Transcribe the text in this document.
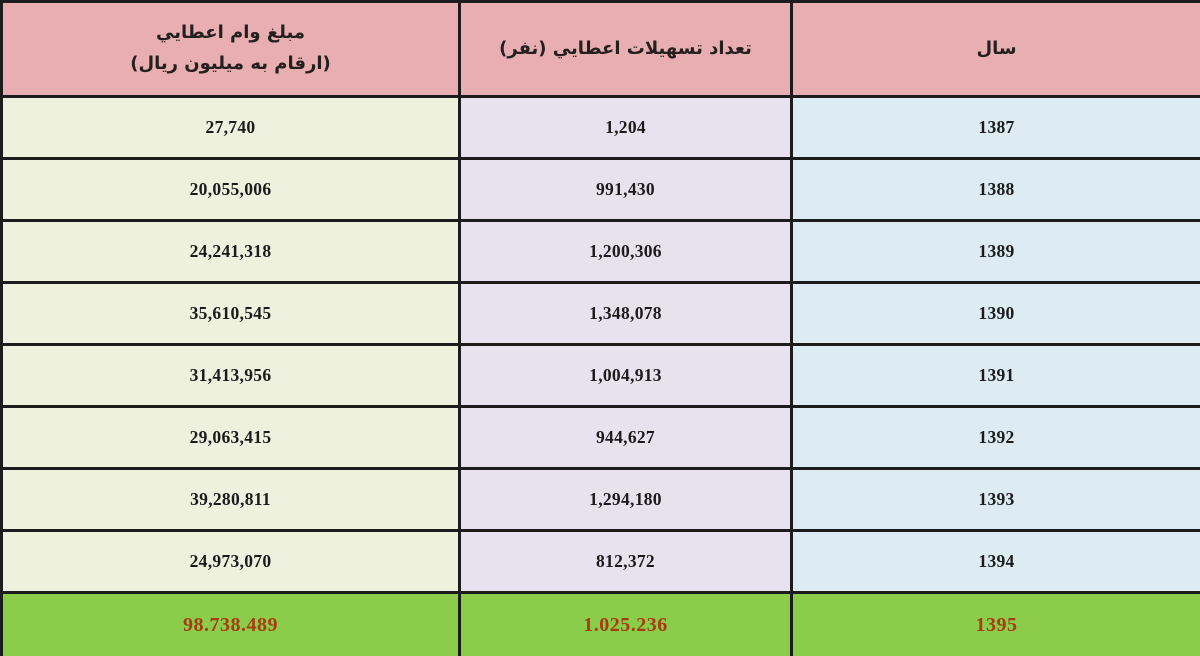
مبلغ وام اعطايي
(ارقام به ميليون ريال)	تعداد تسهيلات اعطايي (نفر)	سال
27,740	1,204	1387
20,055,006	991,430	1388
24,241,318	1,200,306	1389
35,610,545	1,348,078	1390
31,413,956	1,004,913	1391
29,063,415	944,627	1392
39,280,811	1,294,180	1393
24,973,070	812,372	1394
98.738.489	1.025.236	1395
